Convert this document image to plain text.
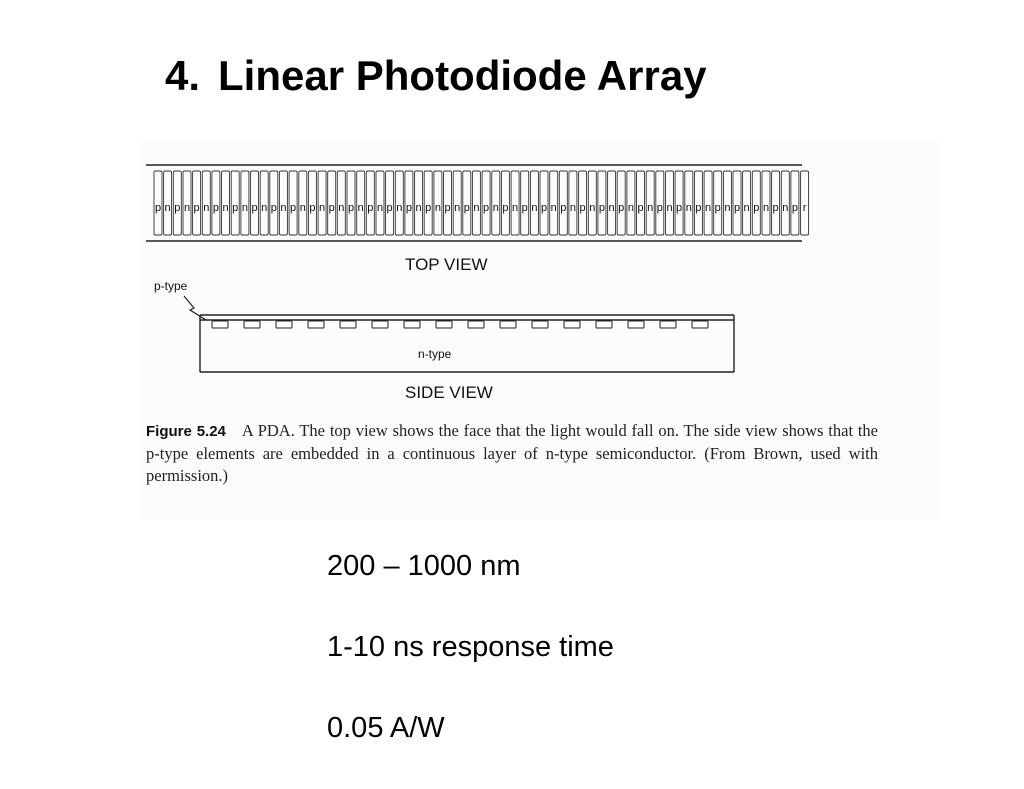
4. Linear Photodiode Array
p n p n p n p n p n p n p n p n p n p n p n p n p n p n p n p n p n p n p n p n p n p n p n p n p n p n p n p n p n p n p n p n p n p r
TOP VIEW
p-type
n-type
SIDE VIEW
Figure 5.24 A PDA. The top view shows the face that the light would fall on. The side view shows that the p-type elements are embedded in a continuous layer of n-type semiconductor. (From Brown, used with permission.)
200 – 1000 nm
1-10 ns response time
0.05 A/W
